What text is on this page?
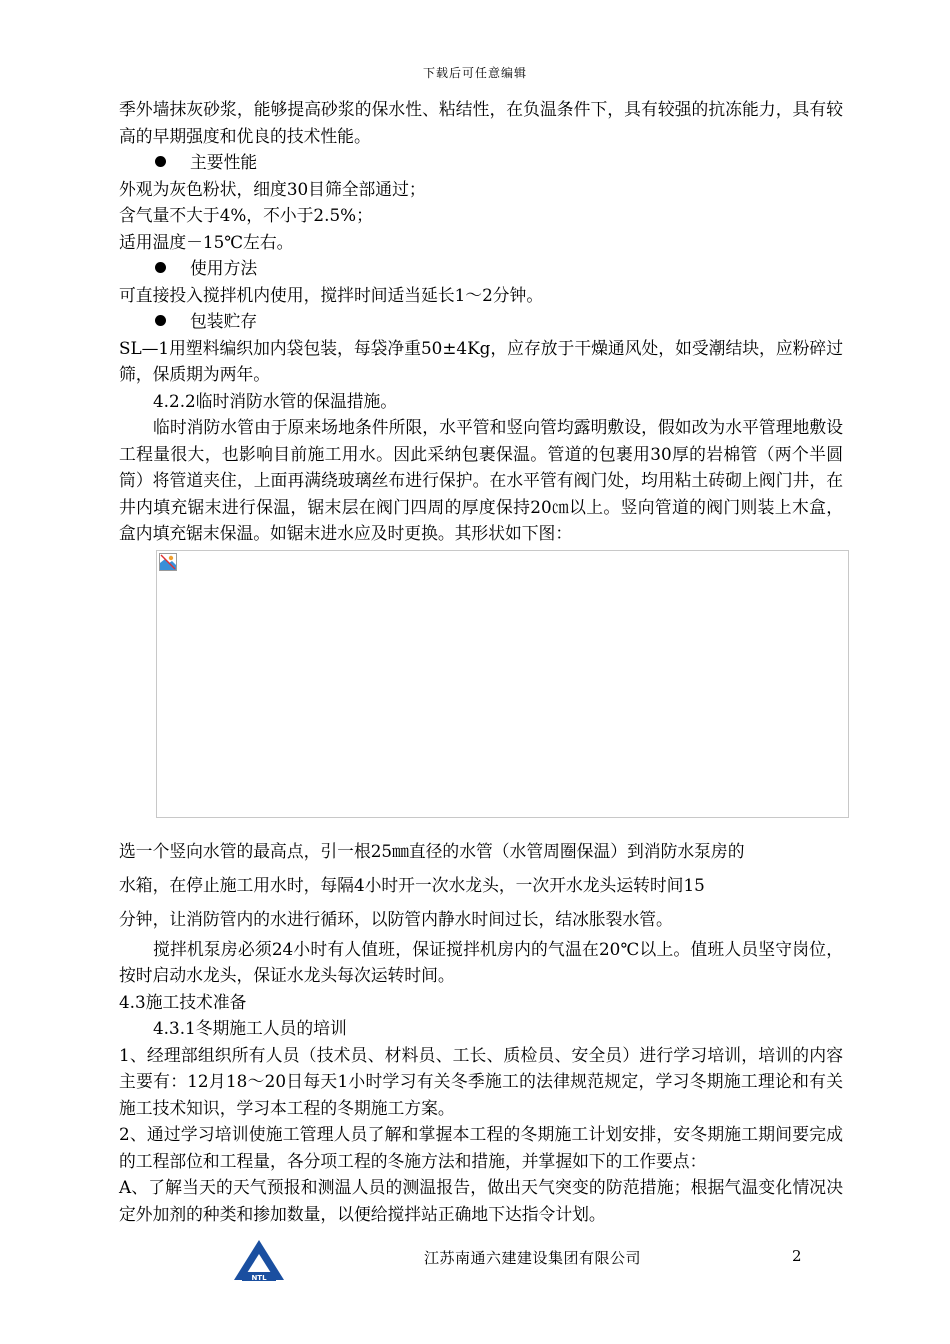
下载后可任意编辑

季外墙抹灰砂浆，能够提高砂浆的保水性、粘结性，在负温条件下，具有较强的抗冻能力，具有较高的早期强度和优良的技术性能。

主要性能

外观为灰色粉状，细度30目筛全部通过；

含气量不大于4%，不小于2.5%；

适用温度－15℃左右。

使用方法

可直接投入搅拌机内使用，搅拌时间适当延长1～2分钟。

包装贮存

SL—1用塑料编织加内袋包装，每袋净重50±4Kg，应存放于干燥通风处，如受潮结块，应粉碎过筛，保质期为两年。

4.2.2临时消防水管的保温措施。

临时消防水管由于原来场地条件所限，水平管和竖向管均露明敷设，假如改为水平管理地敷设工程量很大，也影响目前施工用水。因此采纳包裹保温。管道的包裹用30厚的岩棉管（两个半圆筒）将管道夹住，上面再满绕玻璃丝布进行保护。在水平管有阀门处，均用粘土砖砌上阀门井，在井内填充锯末进行保温，锯末层在阀门四周的厚度保持20㎝以上。竖向管道的阀门则装上木盒，盒内填充锯末保温。如锯末进水应及时更换。其形状如下图：

选一个竖向水管的最高点，引一根25㎜直径的水管（水管周圈保温）到消防水泵房的

水箱，在停止施工用水时，每隔4小时开一次水龙头，一次开水龙头运转时间15

分钟，让消防管内的水进行循环，以防管内静水时间过长，结冰胀裂水管。

搅拌机泵房必须24小时有人值班，保证搅拌机房内的气温在20℃以上。值班人员坚守岗位，按时启动水龙头，保证水龙头每次运转时间。

4.3施工技术准备

4.3.1冬期施工人员的培训

1、经理部组织所有人员（技术员、材料员、工长、质检员、安全员）进行学习培训，培训的内容主要有：12月18～20日每天1小时学习有关冬季施工的法律规范规定，学习冬期施工理论和有关施工技术知识，学习本工程的冬期施工方案。

2、通过学习培训使施工管理人员了解和掌握本工程的冬期施工计划安排，安冬期施工期间要完成的工程部位和工程量，各分项工程的冬施方法和措施，并掌握如下的工作要点：

A、了解当天的天气预报和测温人员的测温报告，做出天气突变的防范措施；根据气温变化情况决定外加剂的种类和掺加数量，以便给搅拌站正确地下达指令计划。

NTL
江苏南通六建建设集团有限公司	2
